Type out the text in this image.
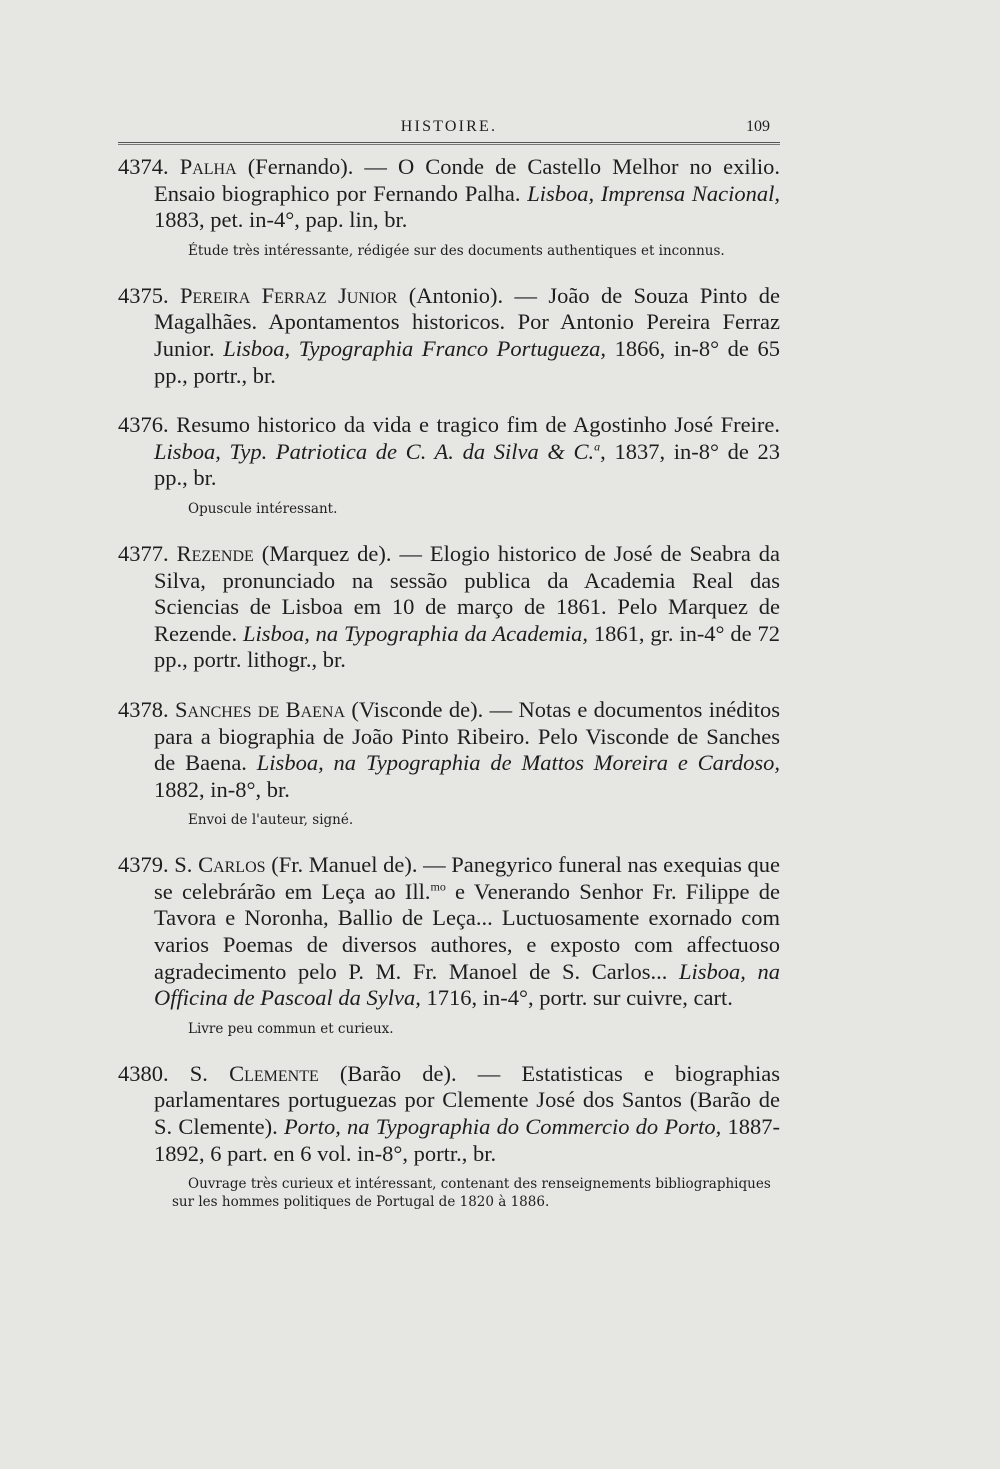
HISTOIRE.	109

4374. Palha (Fernando). — O Conde de Castello Melhor no exilio. Ensaio biographico por Fernando Palha. Lisboa, Imprensa Nacional, 1883, pet. in-4°, pap. lin, br.

Étude très intéressante, rédigée sur des documents authentiques et inconnus.

4375. Pereira Ferraz Junior (Antonio). — João de Souza Pinto de Magalhães. Apontamentos historicos. Por Antonio Pereira Ferraz Junior. Lisboa, Typographia Franco Portugueza, 1866, in-8° de 65 pp., portr., br.

4376. Resumo historico da vida e tragico fim de Agostinho José Freire. Lisboa, Typ. Patriotica de C. A. da Silva & C.$^a$, 1837, in-8° de 23 pp., br.

Opuscule intéressant.

4377. Rezende (Marquez de). — Elogio historico de José de Seabra da Silva, pronunciado na sessão publica da Academia Real das Sciencias de Lisboa em 10 de março de 1861. Pelo Marquez de Rezende. Lisboa, na Typographia da Academia, 1861, gr. in-4° de 72 pp., portr. lithogr., br.

4378. Sanches de Baena (Visconde de). — Notas e documentos inéditos para a biographia de João Pinto Ribeiro. Pelo Visconde de Sanches de Baena. Lisboa, na Typographia de Mattos Moreira e Cardoso, 1882, in-8°, br.

Envoi de l'auteur, signé.

4379. S. Carlos (Fr. Manuel de). — Panegyrico funeral nas exequias que se celebrárão em Leça ao Ill.$^{mo}$ e Venerando Senhor Fr. Filippe de Tavora e Noronha, Ballio de Leça... Luctuosamente exornado com varios Poemas de diversos authores, e exposto com affectuoso agradecimento pelo P. M. Fr. Manoel de S. Carlos... Lisboa, na Officina de Pascoal da Sylva, 1716, in-4°, portr. sur cuivre, cart.

Livre peu commun et curieux.

4380. S. Clemente (Barão de). — Estatisticas e biographias parlamentares portuguezas por Clemente José dos Santos (Barão de S. Clemente). Porto, na Typographia do Commercio do Porto, 1887-1892, 6 part. en 6 vol. in-8°, portr., br.

Ouvrage très curieux et intéressant, contenant des renseignements bibliographiques sur les hommes politiques de Portugal de 1820 à 1886.
